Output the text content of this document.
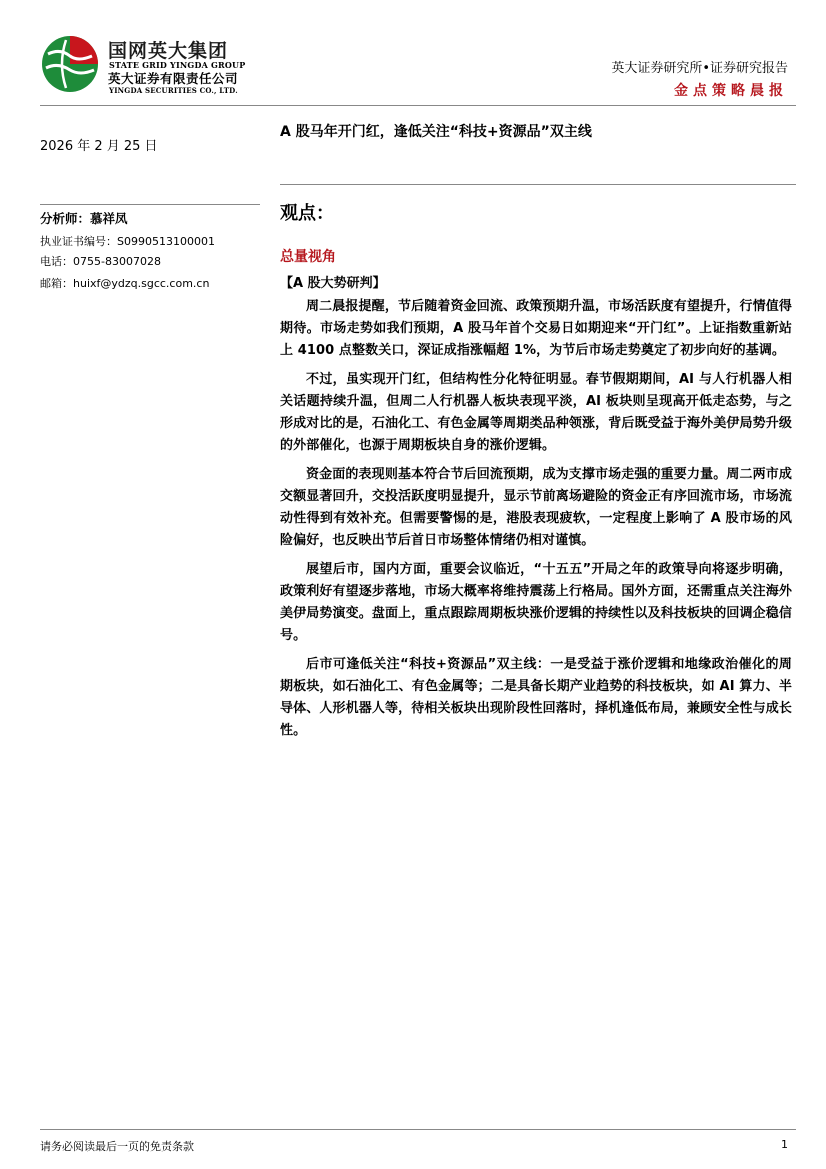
国网英大集团
STATE GRID YINGDA GROUP
英大证券有限责任公司
YINGDA SECURITIES CO., LTD.
英大证券研究所•证券研究报告
金点策略晨报
2026 年 2 月 25 日
分析师：慕祥凤
执业证书编号：S0990513100001
电话：0755-83007028
邮箱：huixf@ydzq.sgcc.com.cn
A 股马年开门红，逢低关注“科技+资源品”双主线
观点：
总量视角
【A 股大势研判】

周二晨报提醒，节后随着资金回流、政策预期升温，市场活跃度有望提升，行情值得期待。市场走势如我们预期，A 股马年首个交易日如期迎来“开门红”。上证指数重新站上 4100 点整数关口，深证成指涨幅超 1%，为节后市场走势奠定了初步向好的基调。

不过，虽实现开门红，但结构性分化特征明显。春节假期期间，AI 与人行机器人相关话题持续升温，但周二人行机器人板块表现平淡，AI 板块则呈现高开低走态势，与之形成对比的是，石油化工、有色金属等周期类品种领涨，背后既受益于海外美伊局势升级的外部催化，也源于周期板块自身的涨价逻辑。

资金面的表现则基本符合节后回流预期，成为支撑市场走强的重要力量。周二两市成交额显著回升，交投活跃度明显提升，显示节前离场避险的资金正有序回流市场，市场流动性得到有效补充。但需要警惕的是，港股表现疲软，一定程度上影响了 A 股市场的风险偏好，也反映出节后首日市场整体情绪仍相对谨慎。

展望后市，国内方面，重要会议临近，“十五五”开局之年的政策导向将逐步明确，政策利好有望逐步落地，市场大概率将维持震荡上行格局。国外方面，还需重点关注海外美伊局势演变。盘面上，重点跟踪周期板块涨价逻辑的持续性以及科技板块的回调企稳信号。

后市可逢低关注“科技+资源品”双主线：一是受益于涨价逻辑和地缘政治催化的周期板块，如石油化工、有色金属等；二是具备长期产业趋势的科技板块，如 AI 算力、半导体、人形机器人等，待相关板块出现阶段性回落时，择机逢低布局，兼顾安全性与成长性。

请务必阅读最后一页的免责条款	1
